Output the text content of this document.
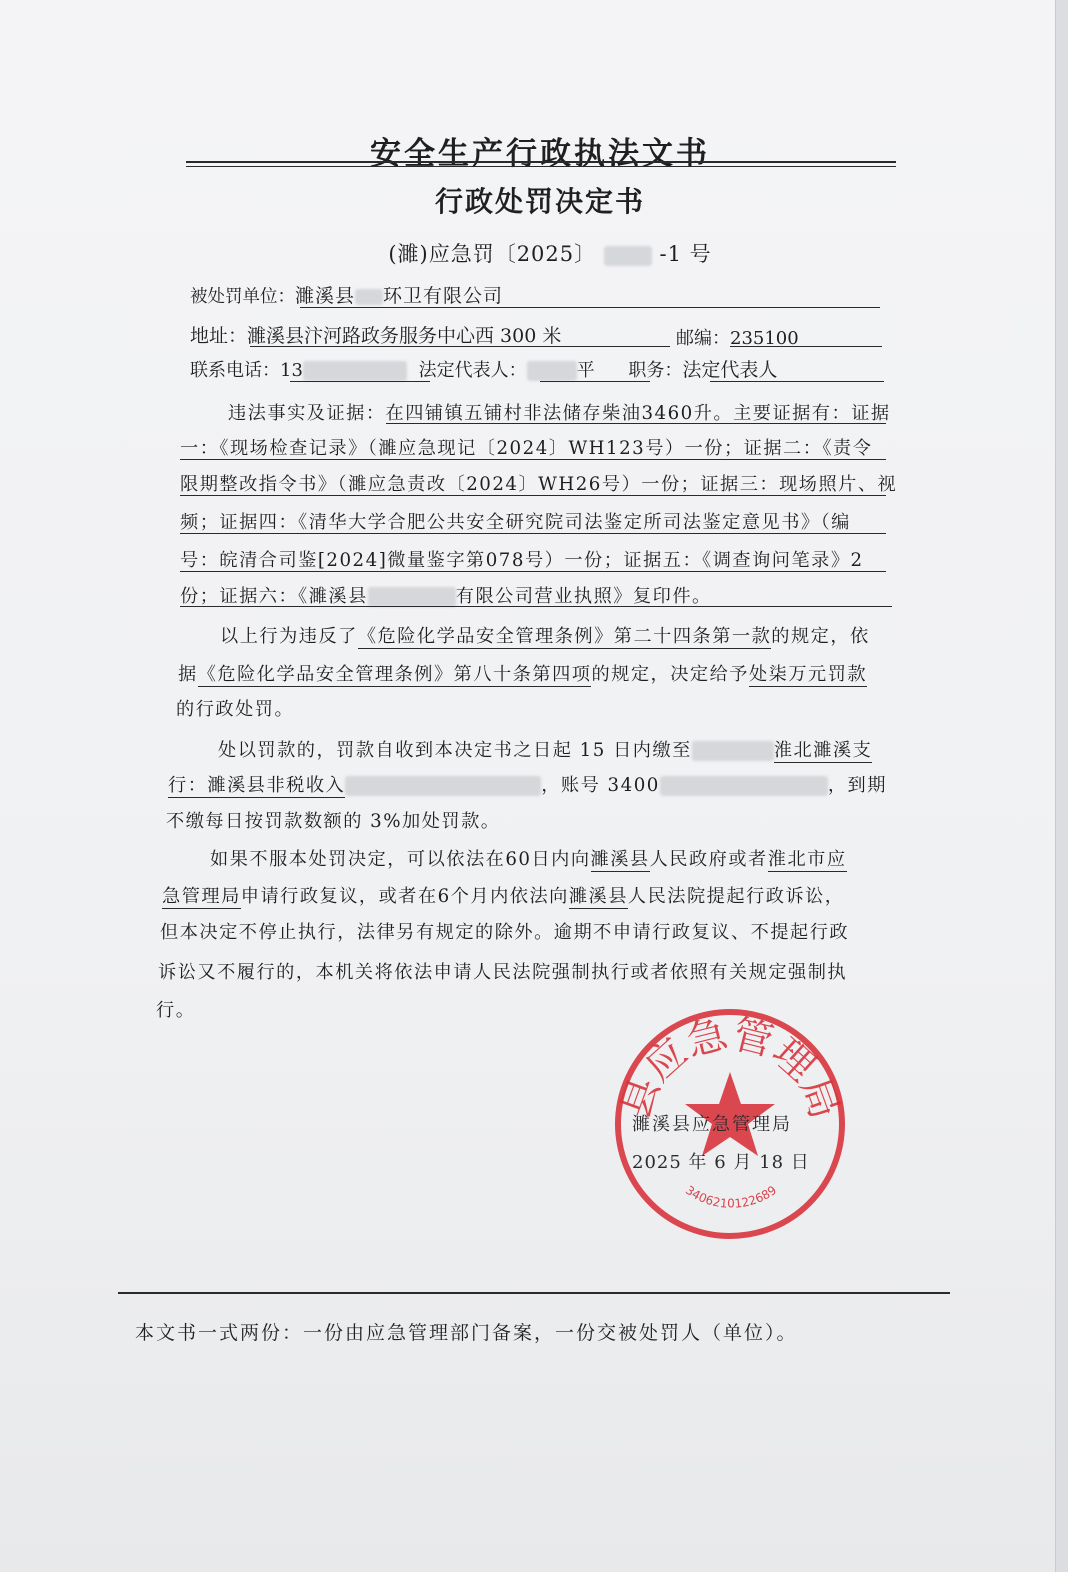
安全生产行政执法文书
行政处罚决定书
(濉)应急罚〔2025〕	-1 号
被处罚单位：濉溪县 环卫有限公司
地址：濉溪县汴河路政务服务中心西 300 米	邮编：235100
联系电话：13	法定代表人：	平 职务：法定代表人
违法事实及证据：在四铺镇五铺村非法储存柴油3460升。主要证据有：证据
一：《现场检查记录》（濉应急现记〔2024〕WH123号）一份；证据二：《责令
限期整改指令书》（濉应急责改〔2024〕WH26号）一份；证据三：现场照片、视
频；证据四：《清华大学合肥公共安全研究院司法鉴定所司法鉴定意见书》（编
号：皖清合司鉴[2024]微量鉴字第078号）一份；证据五：《调查询问笔录》2
份；证据六：《濉溪县	有限公司营业执照》复印件。
以上行为违反了《危险化学品安全管理条例》第二十四条第一款的规定，依
据《危险化学品安全管理条例》第八十条第四项的规定，决定给予处柒万元罚款
的行政处罚。
处以罚款的，罚款自收到本决定书之日起 15 日内缴至	淮北濉溪支
行：濉溪县非税收入	，账号 3400	，到期
不缴每日按罚款数额的 3%加处罚款。
如果不服本处罚决定，可以依法在60日内向濉溪县人民政府或者淮北市应
急管理局申请行政复议，或者在6个月内依法向濉溪县人民法院提起行政诉讼，
但本决定不停止执行，法律另有规定的除外。逾期不申请行政复议、不提起行政
诉讼又不履行的，本机关将依法申请人民法院强制执行或者依照有关规定强制执
行。
县应急管理局
3406210122689
濉溪县应急管理局
2025 年 6 月 18 日
本文书一式两份：一份由应急管理部门备案，一份交被处罚人（单位）。
